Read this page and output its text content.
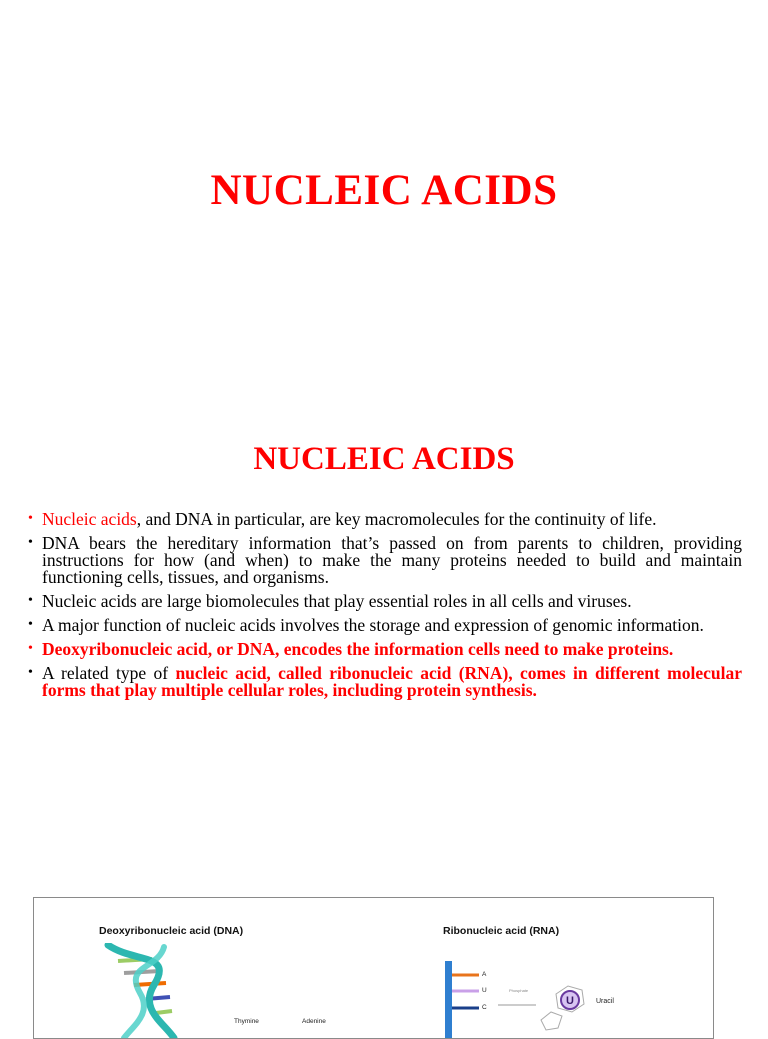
NUCLEIC ACIDS
NUCLEIC ACIDS
• Nucleic acids, and DNA in particular, are key macromolecules for the continuity of life.
• DNA bears the hereditary information that’s passed on from parents to children, providing instructions for how (and when) to make the many proteins needed to build and maintain functioning cells, tissues, and organisms.
• Nucleic acids are large biomolecules that play essential roles in all cells and viruses.
• A major function of nucleic acids involves the storage and expression of genomic information.
• Deoxyribonucleic acid, or DNA, encodes the information cells need to make proteins.
• A related type of nucleic acid, called ribonucleic acid (RNA), comes in different molecular forms that play multiple cellular roles, including protein synthesis.
Deoxyribonucleic acid (DNA)	Ribonucleic acid (RNA)
Thymine	Adenine
A
U
C
U
Phosphate
Uracil
